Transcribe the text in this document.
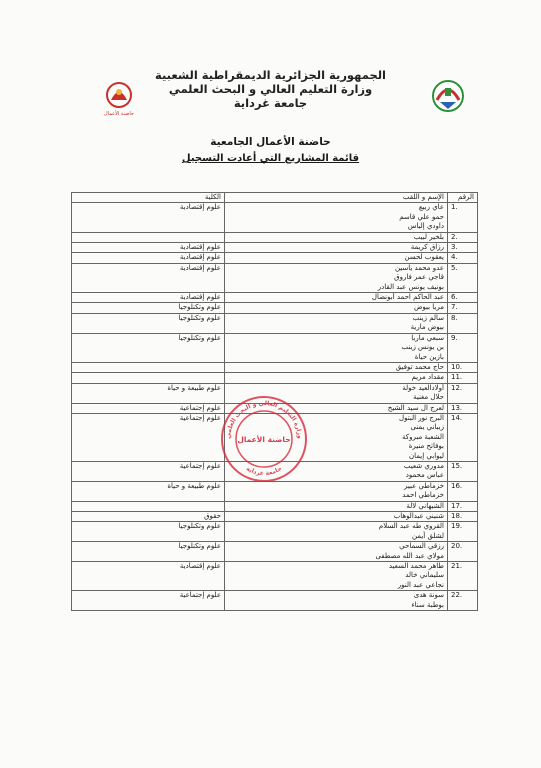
حاضنة الأعمال
الجمهورية الجزائرية الديمقراطية الشعبية
وزارة التعليم العالي و البحث العلمي
جامعة غرداية
حاضنة الأعمال الجامعية
قائمة المشاريع التي أعادت التسجيل
الرقم	الإسم و اللقب	الكلية
1.	عاي ربيع
حمو علي قاسم
داودي إلياس	علوم إقتصادية
2.	بلخير لبيب	

3.	رزاق كريمة	علوم إقتصادية
4.	يعقوب لحسن	علوم إقتصادية
5.	عدو محمد ياسين
قاجي عمر فاروق
بونيف يونس عبد القادر	علوم إقتصادية
6.	عبد الحاكم احمد أبونضال	علوم إقتصادية
7.	مريا بيوض	علوم وتكنلوجيا
8.	سالم زينب
بيوض مارية	علوم وتكنلوجيا
9.	سبعي ماريا
بن يونس زينب
بازين حياة	علوم وتكنلوجيا
10.	حاج محمد توفيق	

11.	مقداد مريم	

12.	أولادالعيد خولة
حلال مغنية	علوم طبيعة و حياة
13.	لعرج ال سيد الشيخ	علوم إجتماعية
14.	البرج نور البتول
زيباني يمنى
الشعبة مبروكة
بوفاتح منيرة
ليوابي إيمان	علوم إجتماعية
15.	مدوري شعيب
عباس محمود	علوم إجتماعية
16.	خزماطي عبير
خزماطي احمد	علوم طبيعة و حياة
17.	الشيهاني لالة	

18.	شنيني عبدالوهاب	حقوق
19.	القروي طه عبد السلام
لشلق أيمن	علوم وتكنلوجيا
20.	رزقي السماحي
مولاي عبد الله مصطفى	علوم وتكنلوجيا
21.	طاهر محمد السعيد
سليماني خالد
نجاعي عبد النور	علوم إقتصادية
22.	سونة هدى
بوطبة سناء	علوم إجتماعية
وزارة التعليم العالي و البحث العلمي
جامعة غرداية
حاضنة الأعمال
